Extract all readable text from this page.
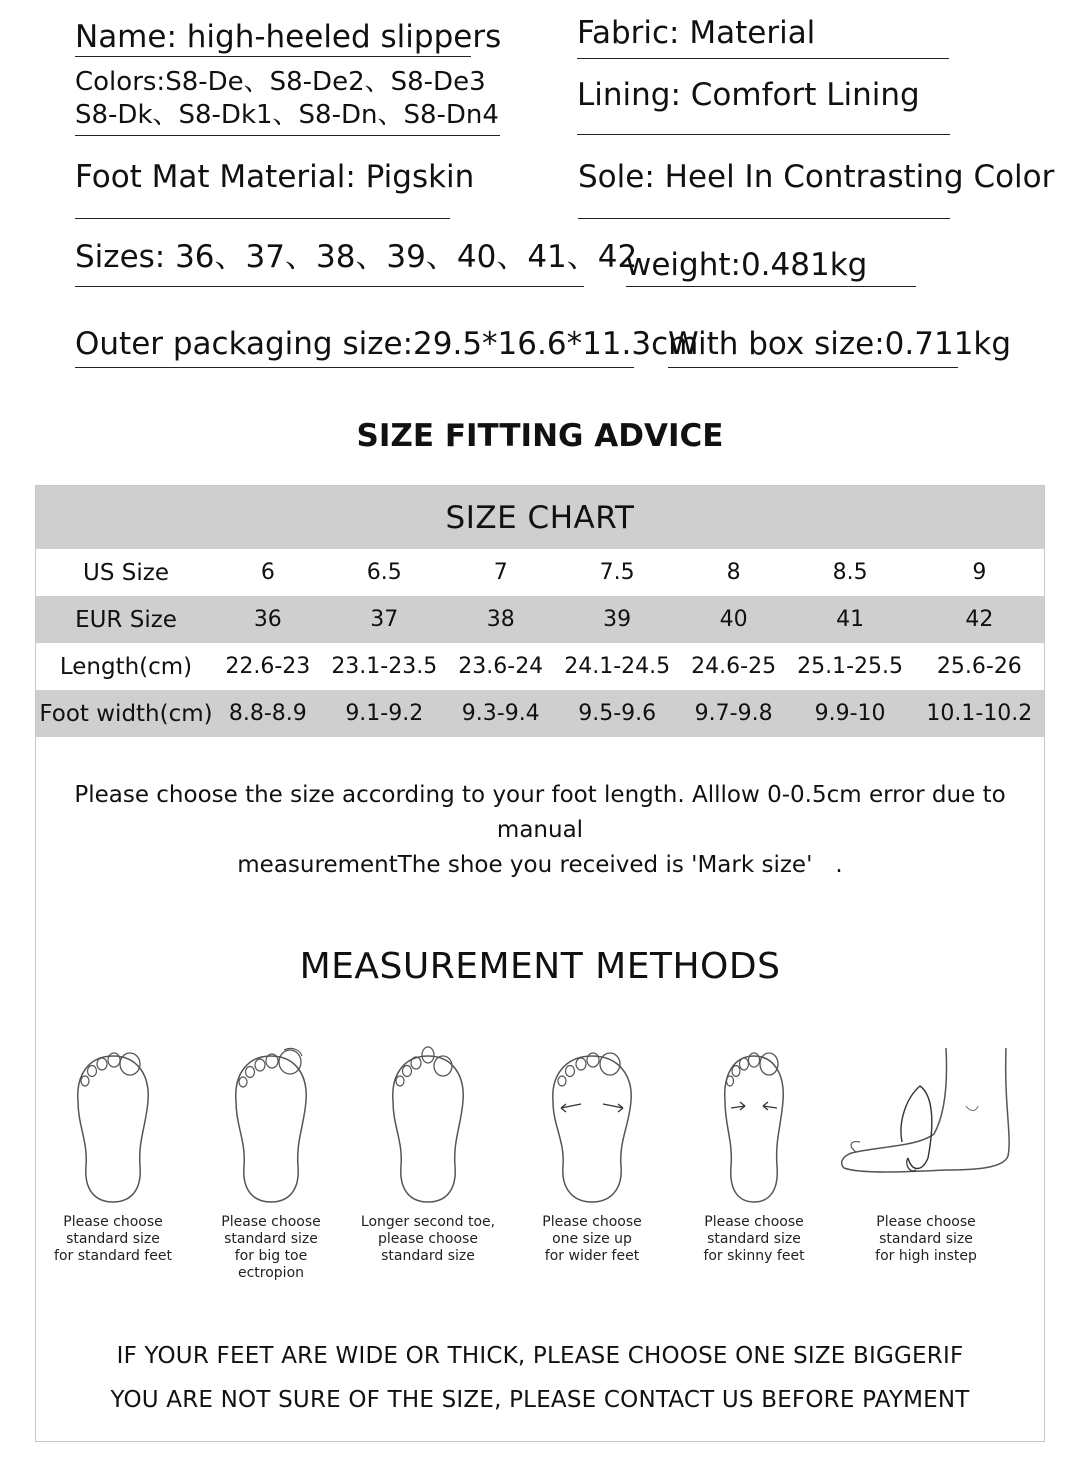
Name: high-heeled slippers
Colors:S8-De、S8-De2、S8-De3
S8-Dk、S8-Dk1、S8-Dn、S8-Dn4
Fabric: Material
Lining: Comfort Lining
Foot Mat Material: Pigskin	Sole: Heel In Contrasting Color
Sizes: 36、37、38、39、40、41、42
weight:0.481kg
Outer packaging size:29.5*16.6*11.3cm
With box size:0.711kg
SIZE FITTING ADVICE
SIZE CHART
US Size	6	6.5	7	7.5	8	8.5	9
EUR Size	36	37	38	39	40	41	42
Length(cm)	22.6-23	23.1-23.5	23.6-24	24.1-24.5	24.6-25	25.1-25.5	25.6-26
Foot width(cm)	8.8-8.9	9.1-9.2	9.3-9.4	9.5-9.6	9.7-9.8	9.9-10	10.1-10.2
Please choose the size according to your foot length. Alllow 0-0.5cm error due to manual
measurementThe shoe you received is 'Mark size'　.
MEASUREMENT METHODS
Please choose
standard size
for standard feet
Please choose
standard size
for big toe
ectropion
Longer second toe,
please choose
standard size
Please choose
one size up
for wider feet
Please choose
standard size
for skinny feet
Please choose
standard size
for high instep
IF YOUR FEET ARE WIDE OR THICK, PLEASE CHOOSE ONE SIZE BIGGERIF
YOU ARE NOT SURE OF THE SIZE, PLEASE CONTACT US BEFORE PAYMENT
